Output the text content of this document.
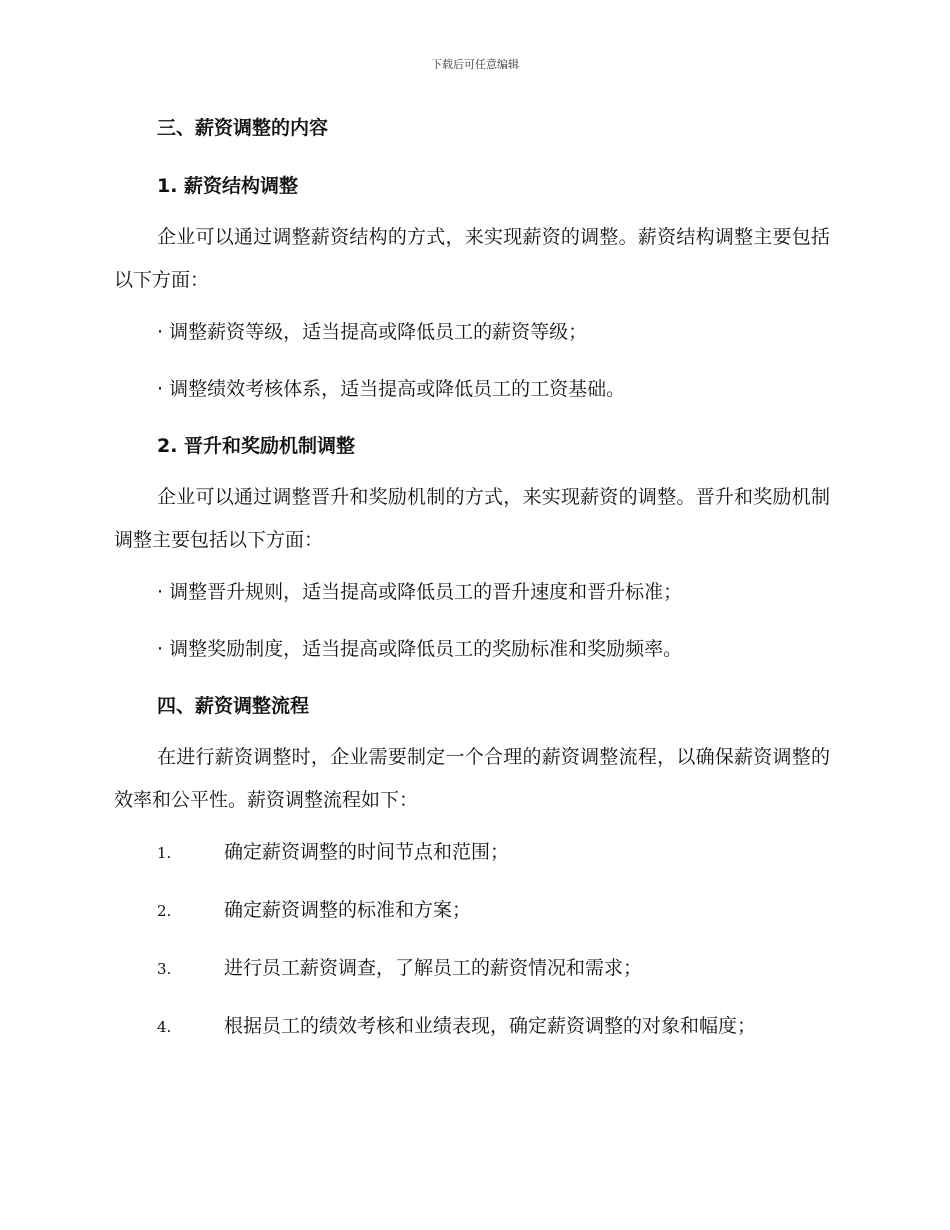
下载后可任意编辑

三、薪资调整的内容

1. 薪资结构调整

企业可以通过调整薪资结构的方式，来实现薪资的调整。薪资结构调整主要包括以下方面：

· 调整薪资等级，适当提高或降低员工的薪资等级；

· 调整绩效考核体系，适当提高或降低员工的工资基础。

2. 晋升和奖励机制调整

企业可以通过调整晋升和奖励机制的方式，来实现薪资的调整。晋升和奖励机制调整主要包括以下方面：

· 调整晋升规则，适当提高或降低员工的晋升速度和晋升标准；

· 调整奖励制度，适当提高或降低员工的奖励标准和奖励频率。

四、薪资调整流程

在进行薪资调整时，企业需要制定一个合理的薪资调整流程，以确保薪资调整的效率和公平性。薪资调整流程如下：

1.	确定薪资调整的时间节点和范围；

2.	确定薪资调整的标准和方案；

3.	进行员工薪资调查，了解员工的薪资情况和需求；

4.	根据员工的绩效考核和业绩表现，确定薪资调整的对象和幅度；
